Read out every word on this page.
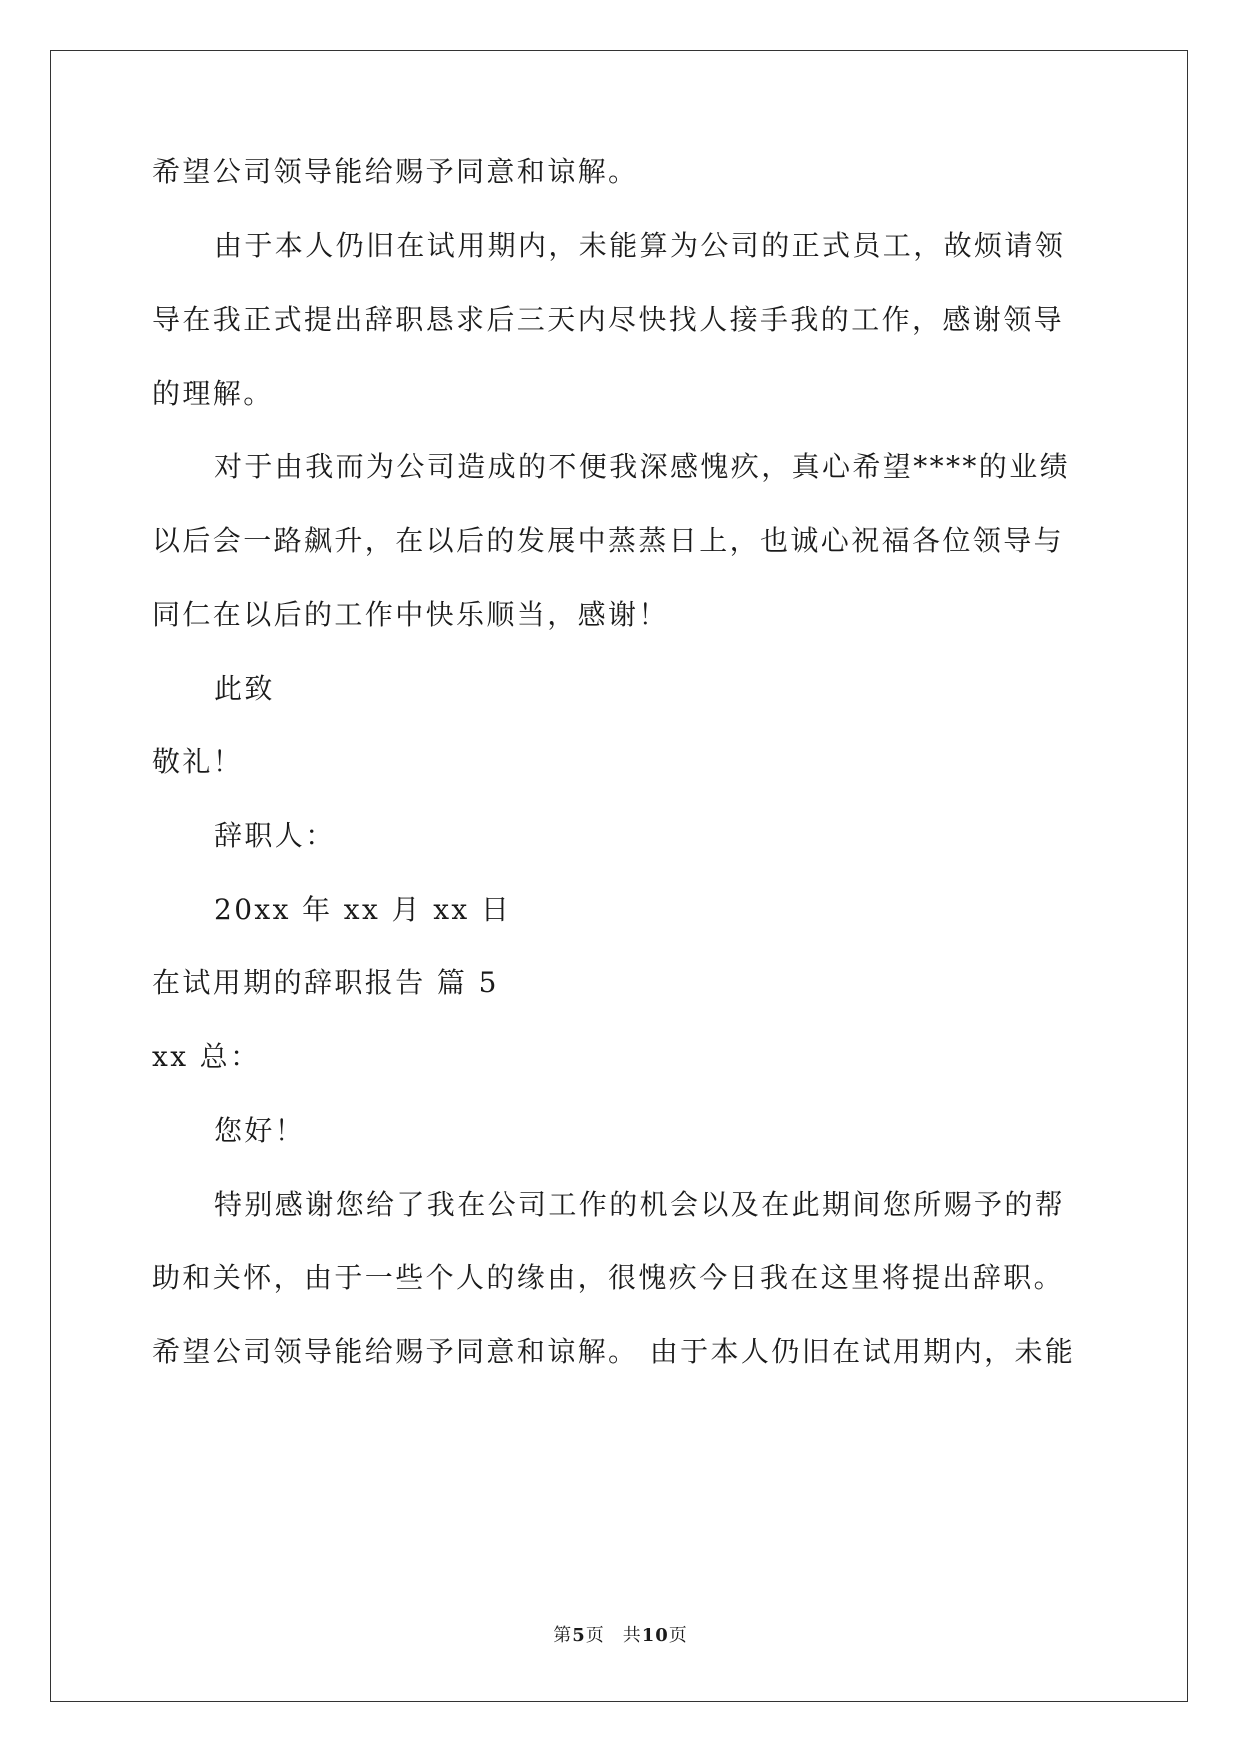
希望公司领导能给赐予同意和谅解。
由于本人仍旧在试用期内，未能算为公司的正式员工，故烦请领
导在我正式提出辞职恳求后三天内尽快找人接手我的工作，感谢领导
的理解。
对于由我而为公司造成的不便我深感愧疚，真心希望****的业绩
以后会一路飙升，在以后的发展中蒸蒸日上，也诚心祝福各位领导与
同仁在以后的工作中快乐顺当，感谢！
此致
敬礼！
辞职人：
20xx 年 xx 月 xx 日
在试用期的辞职报告 篇 5
xx 总：
您好！
特别感谢您给了我在公司工作的机会以及在此期间您所赐予的帮
助和关怀，由于一些个人的缘由，很愧疚今日我在这里将提出辞职。
希望公司领导能给赐予同意和谅解。 由于本人仍旧在试用期内，未能
第5页 共10页
